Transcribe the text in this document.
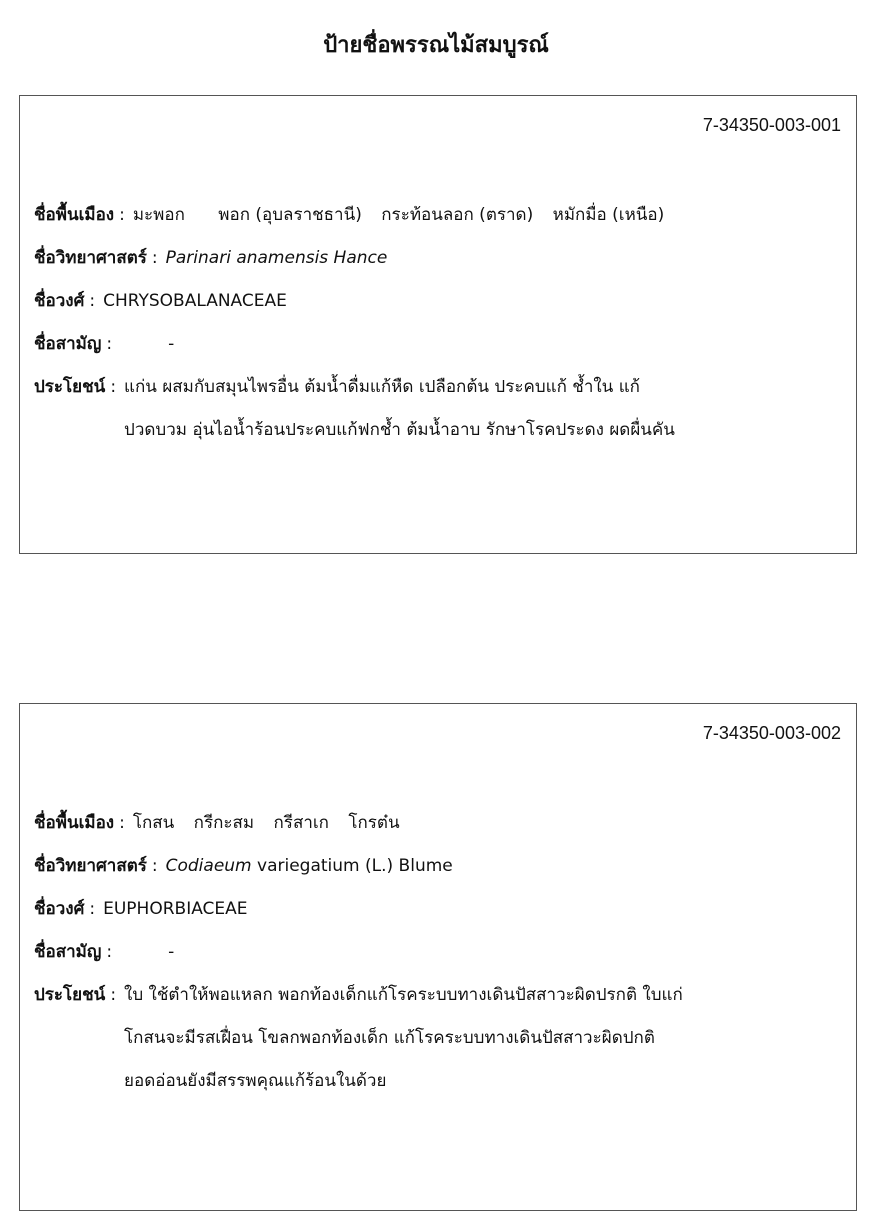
ป้ายชื่อพรรณไม้สมบูรณ์
7-34350-003-001
ชื่อพื้นเมือง : มะพอก พอก (อุบลราชธานี) กระท้อนลอก (ตราด) หมักมื่อ (เหนือ)
ชื่อวิทยาศาสตร์ : Parinari anamensis Hance
ชื่อวงศ์ : CHRYSOBALANACEAE
ชื่อสามัญ :	-
ประโยชน์ : แก่น ผสมกับสมุนไพรอื่น ต้มน้ำดื่มแก้หืด เปลือกต้น ประคบแก้ ช้ำใน แก้
ปวดบวม อุ่นไอน้ำร้อนประคบแก้ฟกช้ำ ต้มน้ำอาบ รักษาโรคประดง ผดผื่นคัน
7-34350-003-002
ชื่อพื้นเมือง : โกสน กรีกะสม กรีสาเก โกรต๋น
ชื่อวิทยาศาสตร์ : Codiaeum variegatium (L.) Blume
ชื่อวงศ์ : EUPHORBIACEAE
ชื่อสามัญ :	-
ประโยชน์ : ใบ ใช้ตำให้พอแหลก พอกท้องเด็กแก้โรคระบบทางเดินปัสสาวะผิดปรกติ ใบแก่
โกสนจะมีรสเฝื่อน โขลกพอกท้องเด็ก แก้โรคระบบทางเดินปัสสาวะผิดปกติ
ยอดอ่อนยังมีสรรพคุณแก้ร้อนในด้วย
